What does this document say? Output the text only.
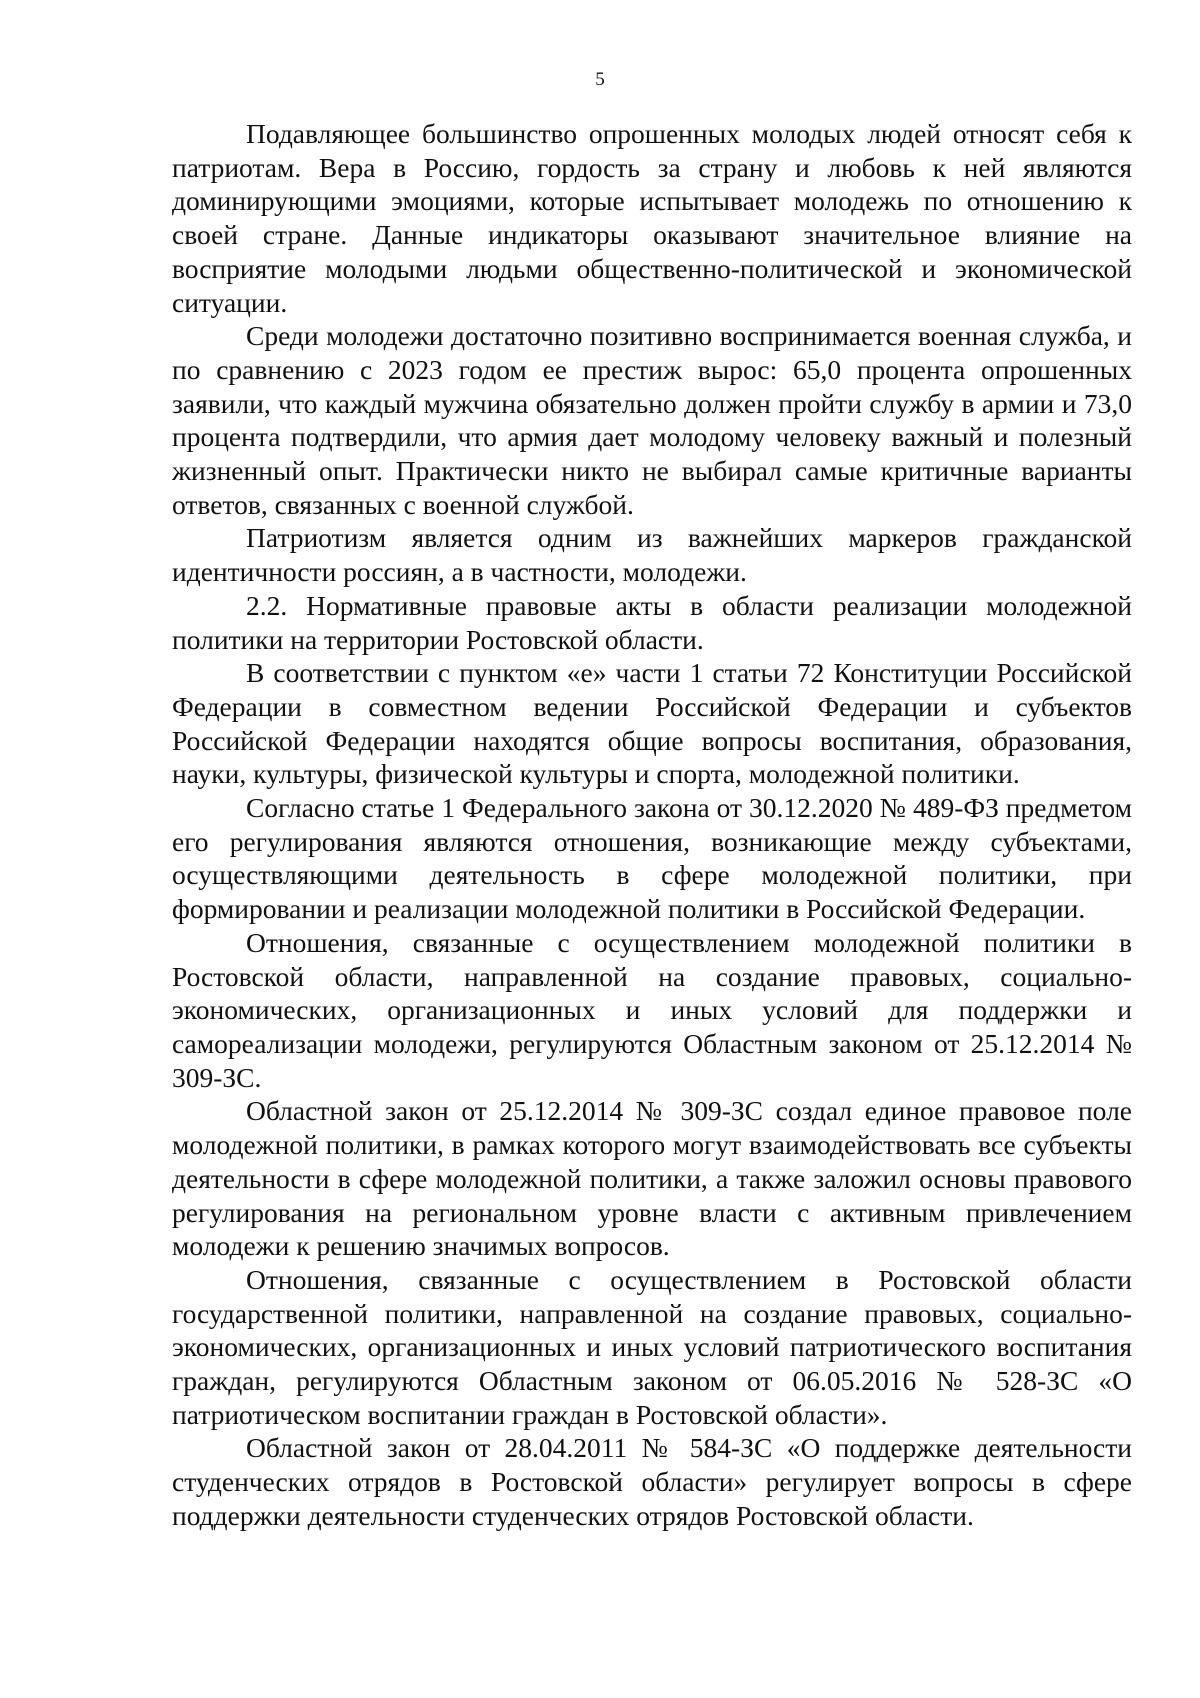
5

Подавляющее большинство опрошенных молодых людей относят себя к патриотам. Вера в Россию, гордость за страну и любовь к ней являются доминирующими эмоциями, которые испытывает молодежь по отношению к своей стране. Данные индикаторы оказывают значительное влияние на восприятие молодыми людьми общественно-политической и экономической ситуации.

Среди молодежи достаточно позитивно воспринимается военная служба, и по сравнению с 2023 годом ее престиж вырос: 65,0 процента опрошенных заявили, что каждый мужчина обязательно должен пройти службу в армии и 73,0 процента подтвердили, что армия дает молодому человеку важный и полезный жизненный опыт. Практически никто не выбирал самые критичные варианты ответов, связанных с военной службой.

Патриотизм является одним из важнейших маркеров гражданской идентичности россиян, а в частности, молодежи.

2.2. Нормативные правовые акты в области реализации молодежной политики на территории Ростовской области.

В соответствии с пунктом «е» части 1 статьи 72 Конституции Российской Федерации в совместном ведении Российской Федерации и субъектов Российской Федерации находятся общие вопросы воспитания, образования, науки, культуры, физической культуры и спорта, молодежной политики.

Согласно статье 1 Федерального закона от 30.12.2020 № 489-ФЗ предметом его регулирования являются отношения, возникающие между субъектами, осуществляющими деятельность в сфере молодежной политики, при формировании и реализации молодежной политики в Российской Федерации.

Отношения, связанные с осуществлением молодежной политики в Ростовской области, направленной на создание правовых, социально-экономических, организационных и иных условий для поддержки и самореализации молодежи, регулируются Областным законом от 25.12.2014 № 309-ЗС.

Областной закон от 25.12.2014 № 309-ЗС создал единое правовое поле молодежной политики, в рамках которого могут взаимодействовать все субъекты деятельности в сфере молодежной политики, а также заложил основы правового регулирования на региональном уровне власти с активным привлечением молодежи к решению значимых вопросов.

Отношения, связанные с осуществлением в Ростовской области государственной политики, направленной на создание правовых, социально-экономических, организационных и иных условий патриотического воспитания граждан, регулируются Областным законом от 06.05.2016 № 528-ЗС «О патриотическом воспитании граждан в Ростовской области».

Областной закон от 28.04.2011 № 584-ЗС «О поддержке деятельности студенческих отрядов в Ростовской области» регулирует вопросы в сфере поддержки деятельности студенческих отрядов Ростовской области.
